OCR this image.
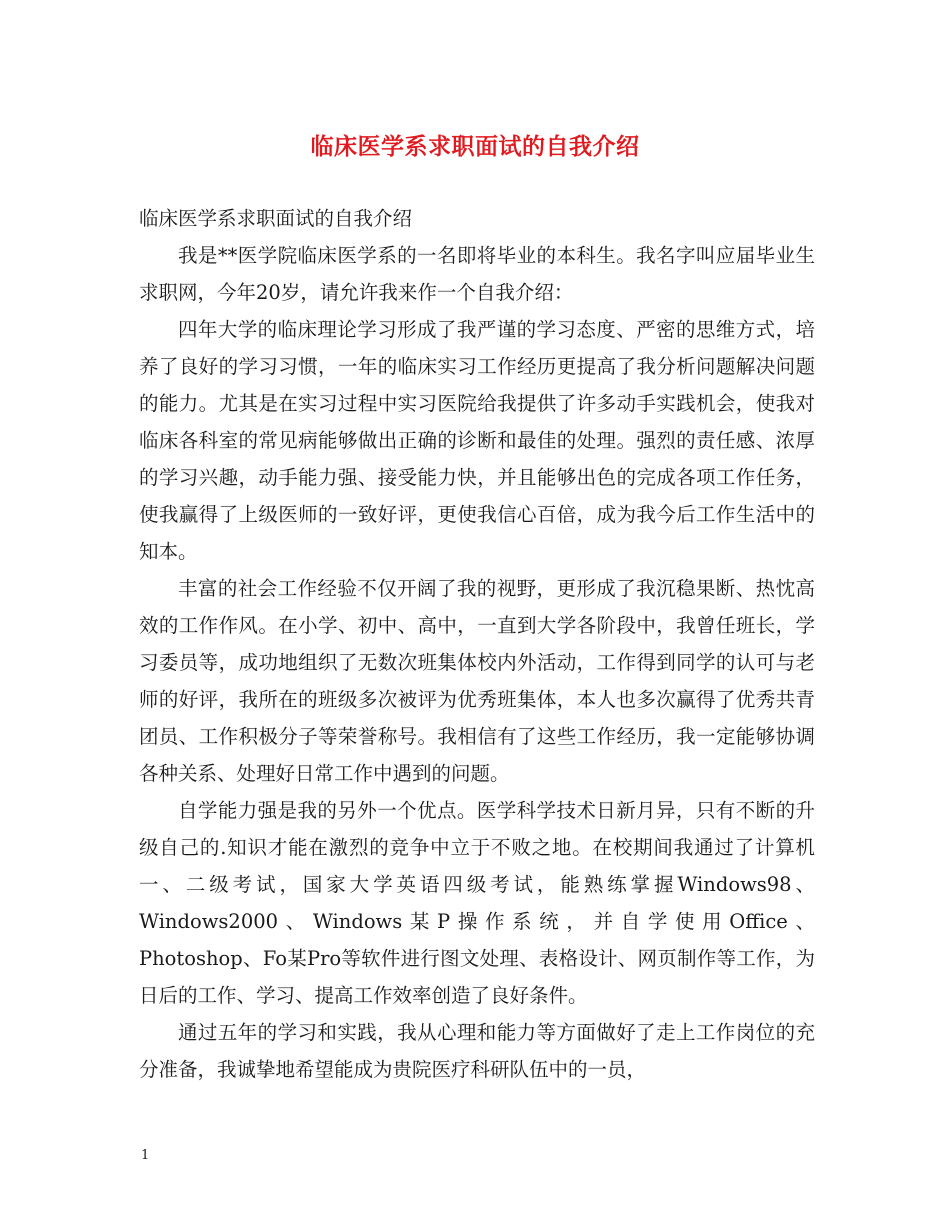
临床医学系求职面试的自我介绍

临床医学系求职面试的自我介绍

我是**医学院临床医学系的一名即将毕业的本科生。我名字叫应届毕业生求职网，今年20岁，请允许我来作一个自我介绍：

四年大学的临床理论学习形成了我严谨的学习态度、严密的思维方式，培养了良好的学习习惯，一年的临床实习工作经历更提高了我分析问题解决问题的能力。尤其是在实习过程中实习医院给我提供了许多动手实践机会，使我对临床各科室的常见病能够做出正确的诊断和最佳的处理。强烈的责任感、浓厚的学习兴趣，动手能力强、接受能力快，并且能够出色的完成各项工作任务，使我赢得了上级医师的一致好评，更使我信心百倍，成为我今后工作生活中的知本。

丰富的社会工作经验不仅开阔了我的视野，更形成了我沉稳果断、热忱高效的工作作风。在小学、初中、高中，一直到大学各阶段中，我曾任班长，学习委员等，成功地组织了无数次班集体校内外活动，工作得到同学的认可与老师的好评，我所在的班级多次被评为优秀班集体，本人也多次赢得了优秀共青团员、工作积极分子等荣誉称号。我相信有了这些工作经历，我一定能够协调各种关系、处理好日常工作中遇到的问题。

自学能力强是我的另外一个优点。医学科学技术日新月异，只有不断的升级自己的.知识才能在激烈的竞争中立于不败之地。在校期间我通过了计算机一、二级考试，国家大学英语四级考试，能熟练掌握Windows98、Windows2000、Windows某P操作系统，并自学使用Office、Photoshop、Fo某Pro等软件进行图文处理、表格设计、网页制作等工作，为日后的工作、学习、提高工作效率创造了良好条件。

通过五年的学习和实践，我从心理和能力等方面做好了走上工作岗位的充分准备，我诚挚地希望能成为贵院医疗科研队伍中的一员，

1
